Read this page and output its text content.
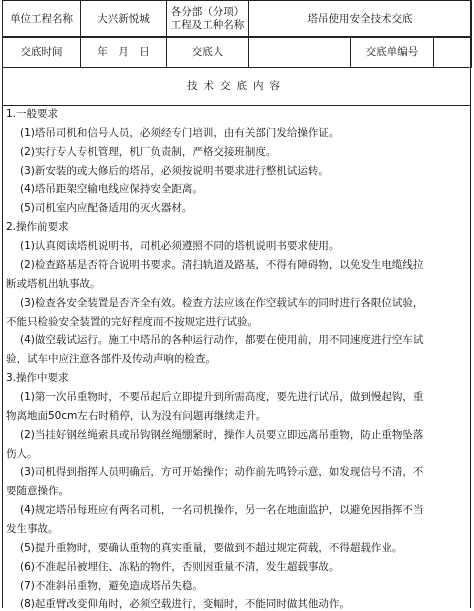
单位工程名称	大兴新悦城	各分部（分项）工程及工种名称	塔吊使用安全技术交底
交底时间	年　月　日	交底人		交底单编号	
技术交底内容
1.一般要求
(1)塔吊司机和信号人员，必须经专门培训，由有关部门发给操作证。
(2)实行专人专机管理，机厂负责制，严格交接班制度。
(3)新安装的或大修后的塔吊，必须按说明书要求进行整机试运转。
(4)塔吊距架空输电线应保持安全距离。
(5)司机室内应配备适用的灭火器材。
2.操作前要求
(1)认真阅读塔机说明书，司机必须遵照不同的塔机说明书要求使用。
(2)检查路基是否符合说明书要求。清扫轨道及路基，不得有障碍物，以免发生电缆线拉
断或塔机出轨事故。
(3)检查各安全装置是否齐全有效。检查方法应该在作空载试车的同时进行各限位试验，
不能只检验安全装置的完好程度而不按规定进行试验。
(4)做空载试运行。施工中塔吊的各种运行动作，都要在使用前，用不同速度进行空车试
验，试车中应注意各部件及传动声响的检查。
3.操作中要求
(1)第一次吊重物时，不要吊起后立即提升到所需高度，要先进行试吊，做到慢起钩，重
物离地面50cm左右时稍停，认为没有问题再继续走升。
(2)当挂好钢丝绳索具或吊钩钢丝绳绷紧时，操作人员要立即远离吊重物，防止重物坠落
伤人。
(3)司机得到指挥人员明确后，方可开始操作；动作前先鸣铃示意，如发现信号不清，不
要随意操作。
(4)规定塔吊每班应有两名司机，一名司机操作，另一名在地面监护，以避免因指挥不当
发生事故。
(5)提升重物时，要确认重物的真实重量，要做到不超过规定荷载，不得超载作业。
(6)不准起吊被埋住、冻粘的物件，否则因重量不清，发生超载事故。
(7)不准斜吊重物，避免造成塔吊失稳。
(8)起重臂改变仰角时，必须空载进行，变幅时，不能同时做其他动作。
